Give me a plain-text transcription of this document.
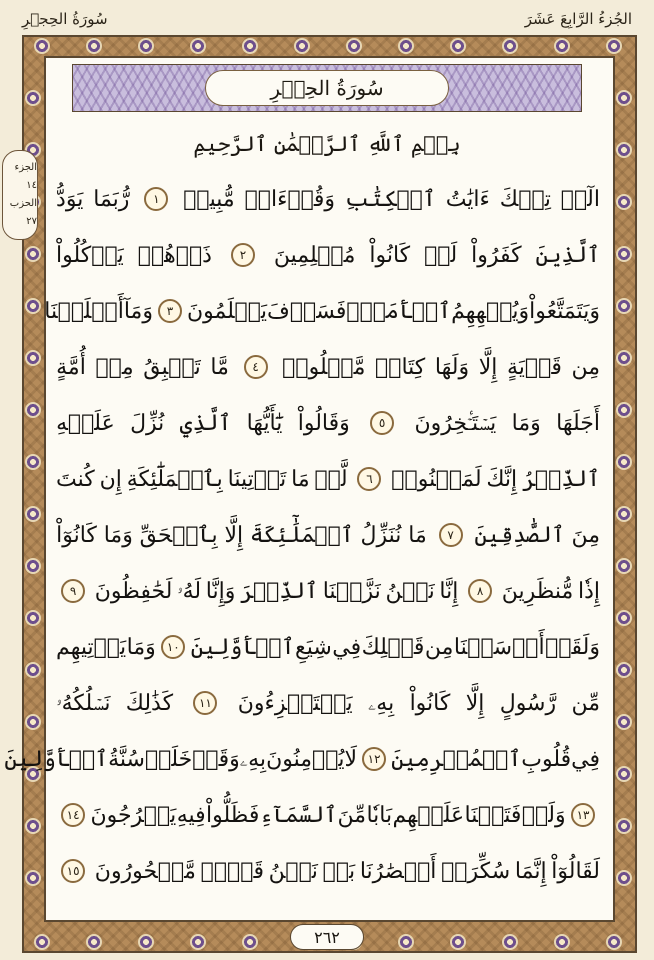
الجُزءُ الرَّابِعَ عَشَرَ
سُورَةُ الحِجۡرِ
الجزء ١٤
الحزب ٢٧
سُورَةُ الحِجۡرِ
بِسۡمِ ٱللَّهِ ٱلرَّحۡمَٰنِ ٱلرَّحِيمِ
الٓرۚ
تِلۡكَ
ءَايَٰتُ
ٱلۡكِتَٰبِ
وَقُرۡءَانٖ
مُّبِينٖ
١
رُّبَمَا
يَوَدُّ
ٱلَّذِينَ
كَفَرُواْ
لَوۡ
كَانُواْ
مُسۡلِمِينَ
٢
ذَرۡهُمۡ
يَأۡكُلُواْ
وَيَتَمَتَّعُواْ
وَيُلۡهِهِمُ
ٱلۡأَمَلُۖ
فَسَوۡفَ
يَعۡلَمُونَ
٣
وَمَآ
أَهۡلَكۡنَا
مِن
قَرۡيَةٍ
إِلَّا
وَلَهَا
كِتَابٞ
مَّعۡلُومٞ
٤
مَّا
تَسۡبِقُ
مِنۡ
أُمَّةٍ
أَجَلَهَا
وَمَا
يَسۡتَـٔۡخِرُونَ
٥
وَقَالُواْ
يَٰٓأَيُّهَا
ٱلَّذِي
نُزِّلَ
عَلَيۡهِ
ٱلذِّكۡرُ
إِنَّكَ
لَمَجۡنُونٞ
٦
لَّوۡ
مَا
تَأۡتِينَا
بِٱلۡمَلَٰٓئِكَةِ
إِن
كُنتَ
مِنَ
ٱلصَّٰدِقِينَ
٧
مَا
نُنَزِّلُ
ٱلۡمَلَٰٓئِكَةَ
إِلَّا
بِٱلۡحَقِّ
وَمَا
كَانُوٓاْ
إِذٗا
مُّنظَرِينَ
٨
إِنَّا
نَحۡنُ
نَزَّلۡنَا
ٱلذِّكۡرَ
وَإِنَّا
لَهُۥ
لَحَٰفِظُونَ
٩
وَلَقَدۡ
أَرۡسَلۡنَا
مِن
قَبۡلِكَ
فِي
شِيَعِ
ٱلۡأَوَّلِينَ
١٠
وَمَا
يَأۡتِيهِم
مِّن
رَّسُولٍ
إِلَّا
كَانُواْ
بِهِۦ
يَسۡتَهۡزِءُونَ
١١
كَذَٰلِكَ
نَسۡلُكُهُۥ
فِي
قُلُوبِ
ٱلۡمُجۡرِمِينَ
١٢
لَا
يُؤۡمِنُونَ
بِهِۦ
وَقَدۡ
خَلَتۡ
سُنَّةُ
ٱلۡأَوَّلِينَ
١٣
وَلَوۡ
فَتَحۡنَا
عَلَيۡهِم
بَابٗا
مِّنَ
ٱلسَّمَآءِ
فَظَلُّواْ
فِيهِ
يَعۡرُجُونَ
١٤
لَقَالُوٓاْ
إِنَّمَا
سُكِّرَتۡ
أَبۡصَٰرُنَا
بَلۡ
نَحۡنُ
قَوۡمٞ
مَّسۡحُورُونَ
١٥
٢٦٢
